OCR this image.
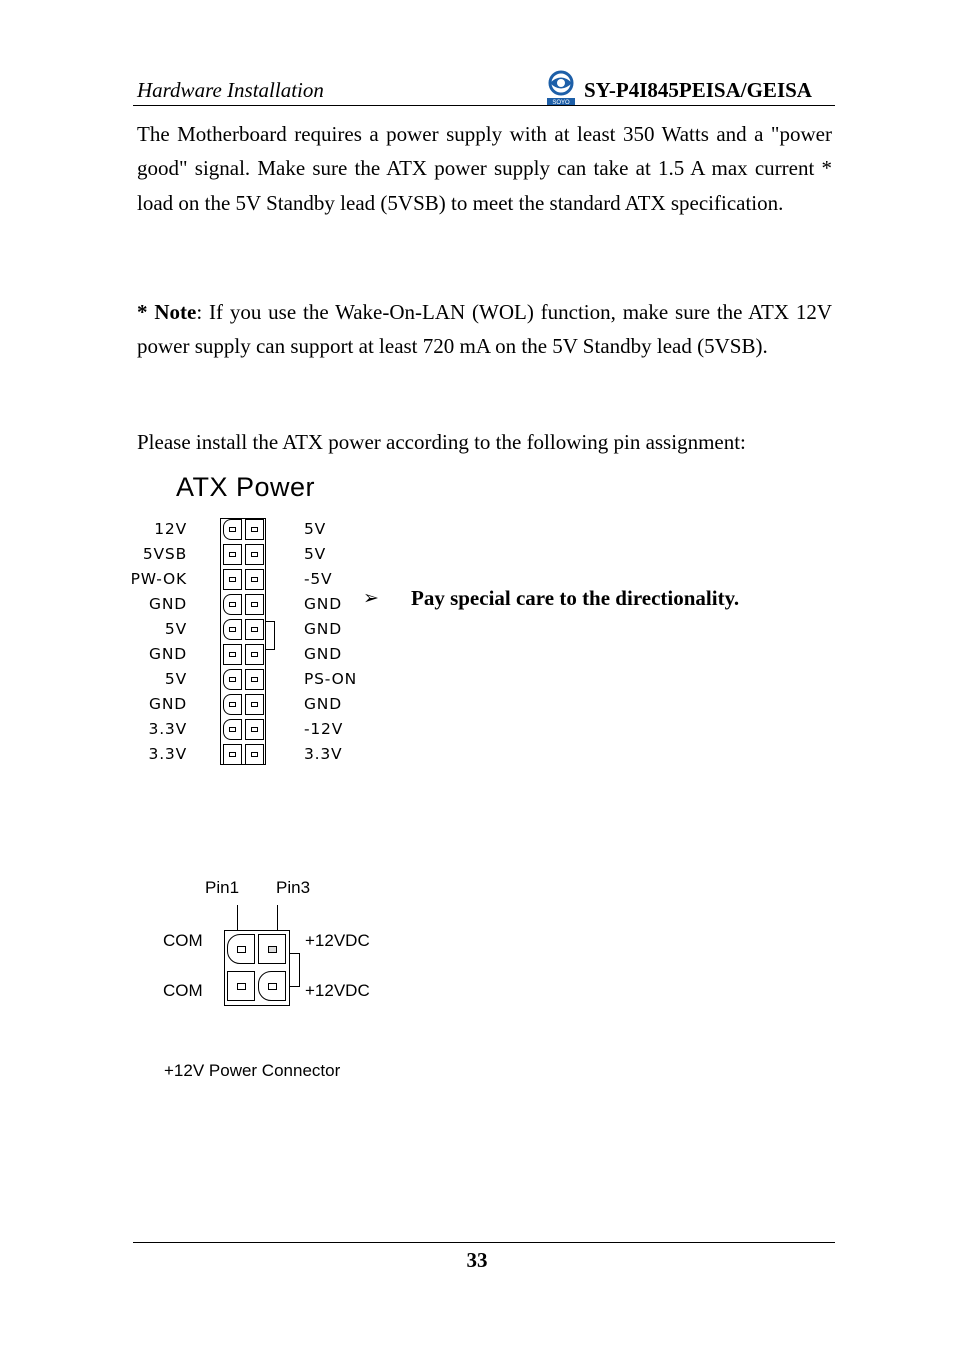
Hardware Installation
SOYO
SY-P4I845PEISA/GEISA

The Motherboard requires a power supply with at least 350 Watts and a "power good" signal. Make sure the ATX power supply can take at 1.5 A max current * load on the 5V Standby lead (5VSB) to meet the standard ATX specification.

* Note: If you use the Wake-On-LAN (WOL) function, make sure the ATX 12V power supply can support at least 720 mA on the 5V Standby lead (5VSB).

Please install the ATX power according to the following pin assignment:

ATX Power
12V
5VSB
PW-OK
GND
5V
GND
5V
GND
3.3V
3.3V
5V
5V
-5V
GND
GND
GND
PS-ON
GND
-12V
3.3V
➢ Pay special care to the directionality.
Pin1 Pin3
COM
COM
+12VDC
+12VDC
+12V Power Connector
33
